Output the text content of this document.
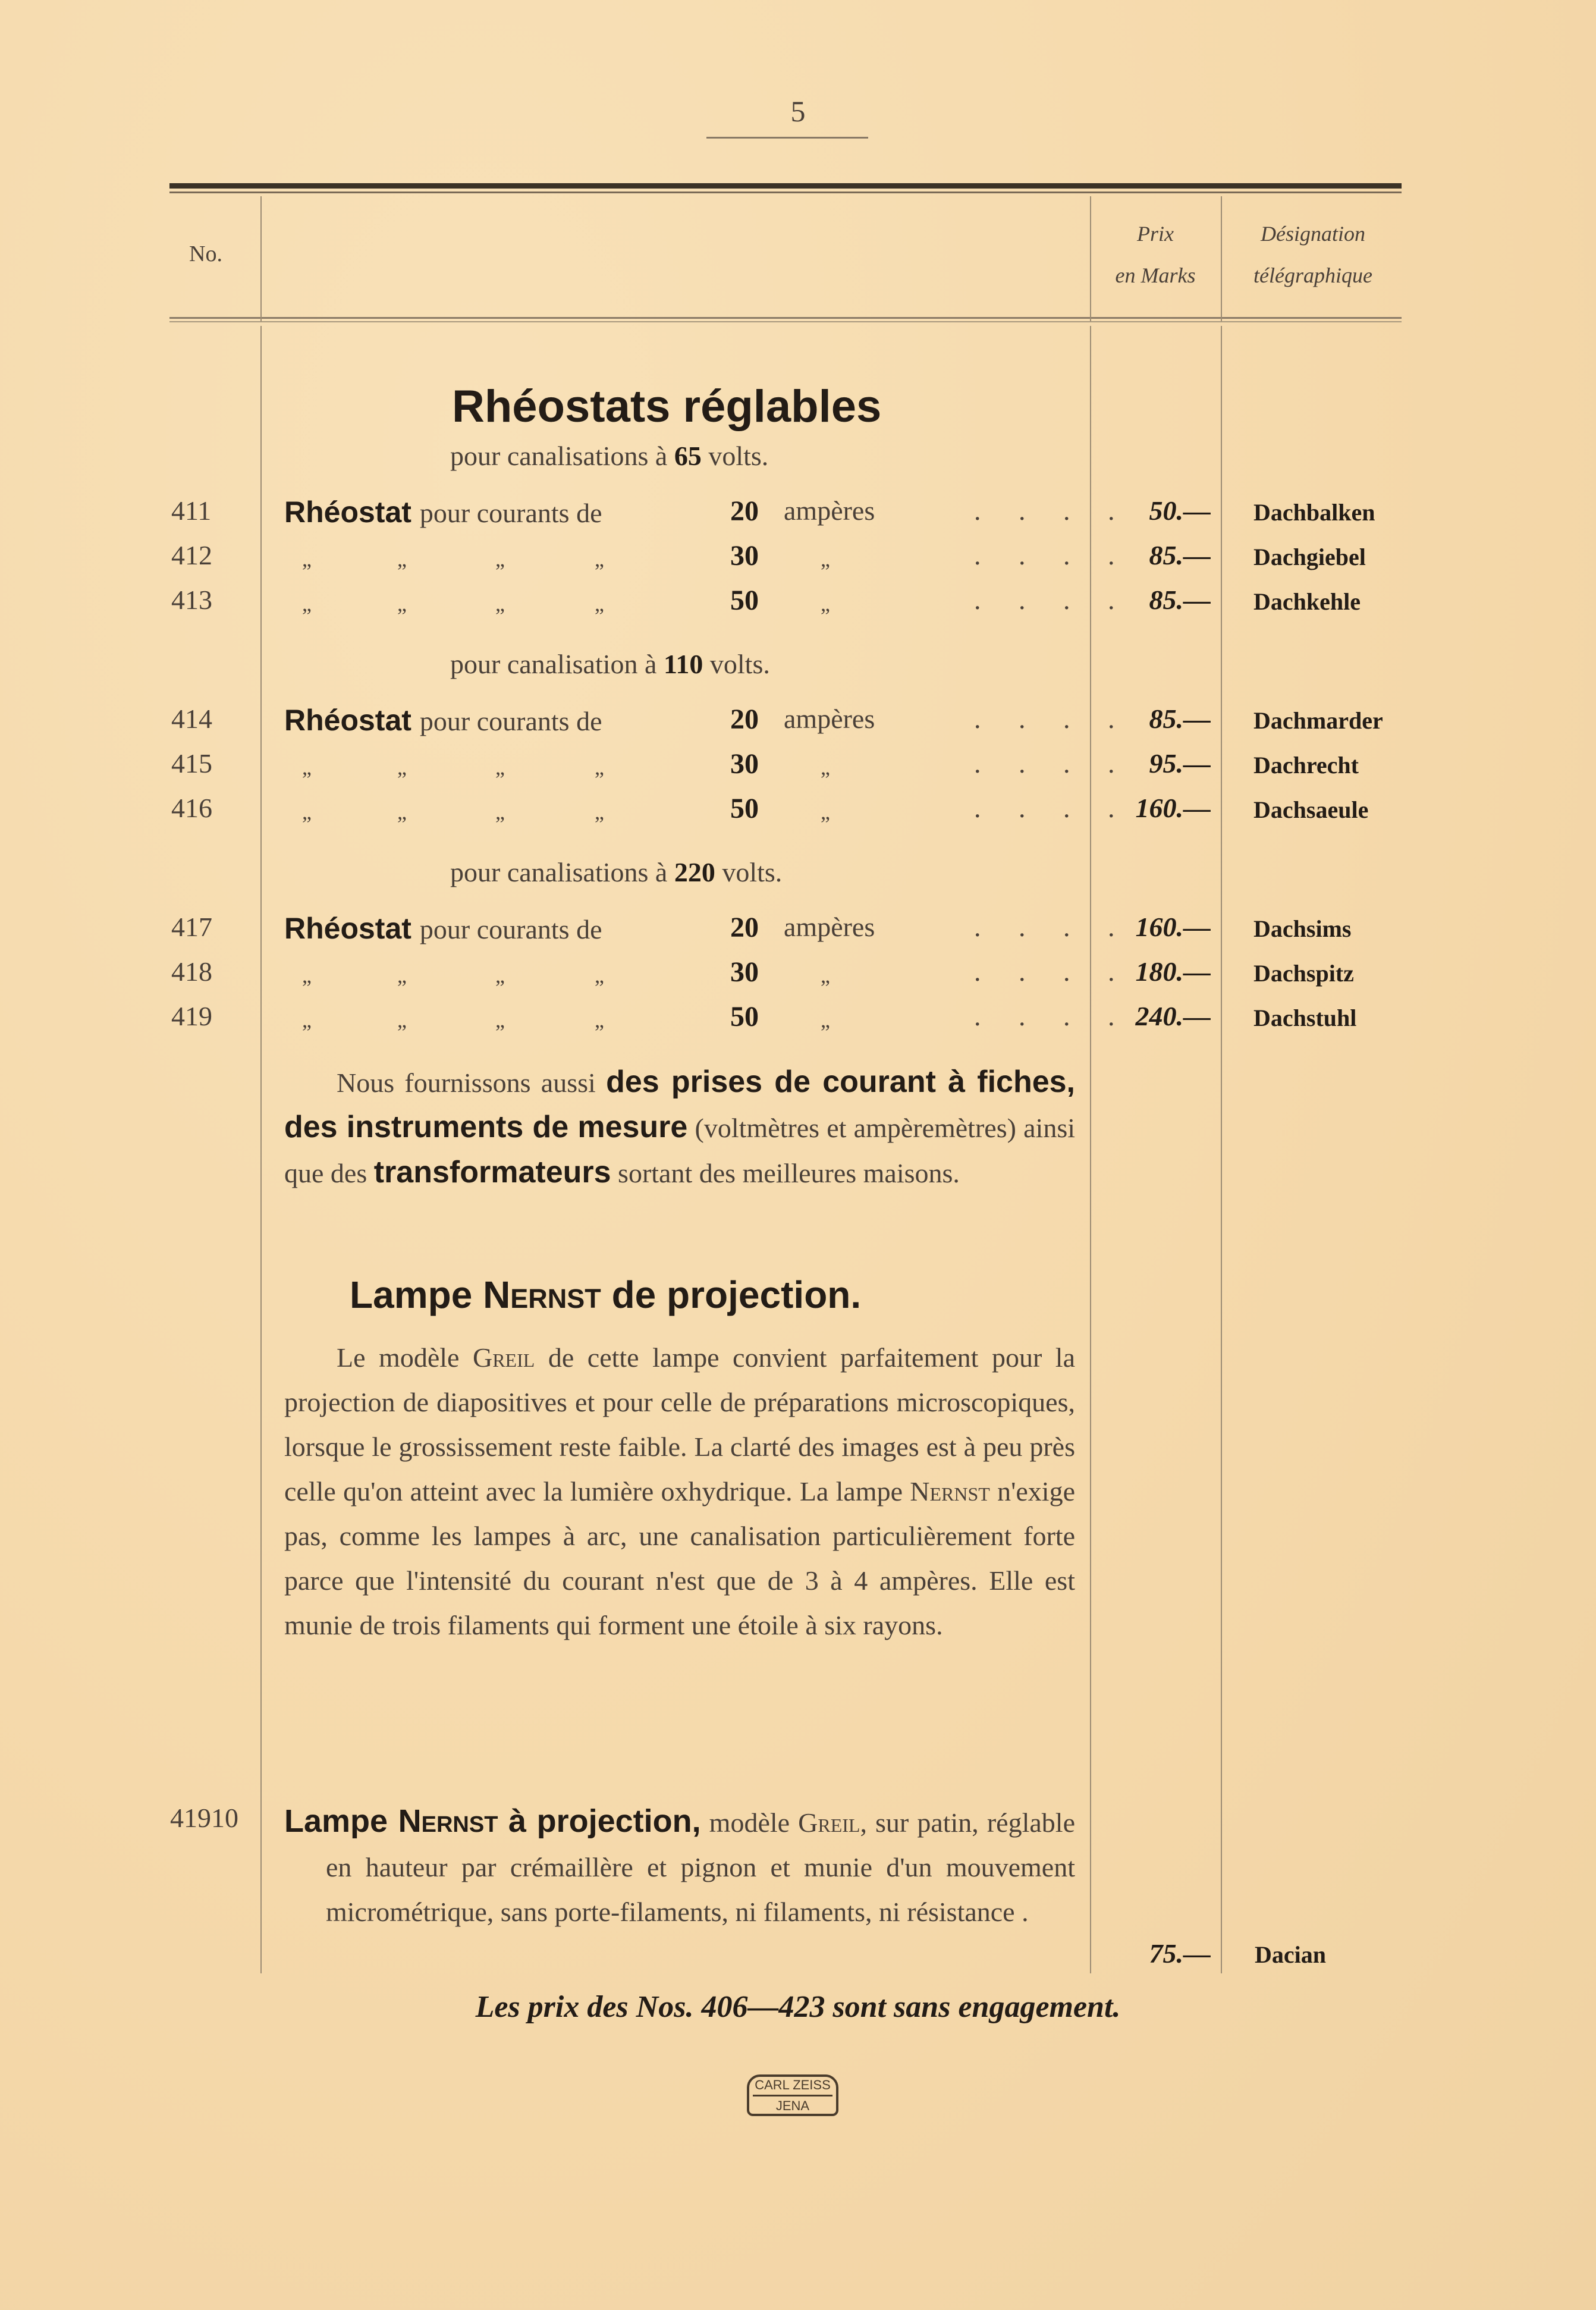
5
No.
Prix
en Marks
Désignation
télégraphique
Rhéostats réglables
pour canalisations à 65 volts.
411 Rhéostat pour courants de	20 ampères	. . . . 50.— Dachbalken
412	„	„	„	„	30	„	. . . . 85.— Dachgiebel
413	„	„	„	„	50	„	. . . . 85.— Dachkehle
pour canalisation à 110 volts.
414 Rhéostat pour courants de	20 ampères	. . . . 85.— Dachmarder
415	„	„	„	„	30	„	. . . . 95.— Dachrecht
416	„	„	„	„	50	„	. . . . 160.— Dachsaeule
pour canalisations à 220 volts.
417 Rhéostat pour courants de	20 ampères	. . . . 160.— Dachsims
418	„	„	„	„	30	„	. . . . 180.— Dachspitz
419	„	„	„	„	50	„	. . . . 240.— Dachstuhl
Nous fournissons aussi des prises de courant à fiches, des instruments de mesure (voltmètres et ampèremètres) ainsi que des transformateurs sortant des meilleures maisons.
Lampe Nernst de projection.
Le modèle Greil de cette lampe convient parfaitement pour la projection de diapositives et pour celle de préparations microscopiques, lorsque le grossissement reste faible. La clarté des images est à peu près celle qu'on atteint avec la lumière oxhydrique. La lampe Nernst n'exige pas, comme les lampes à arc, une canalisation particulièrement forte parce que l'intensité du courant n'est que de 3 à 4 ampères. Elle est munie de trois filaments qui forment une étoile à six rayons.
41910 Lampe Nernst à projection, modèle Greil, sur patin, réglable en hauteur par crémaillère et pignon et munie d'un mouvement micrométrique, sans porte-filaments, ni filaments, ni résistance .
75.— Dacian
Les prix des Nos. 406—423 sont sans engagement.
CARL ZEISS
JENA
